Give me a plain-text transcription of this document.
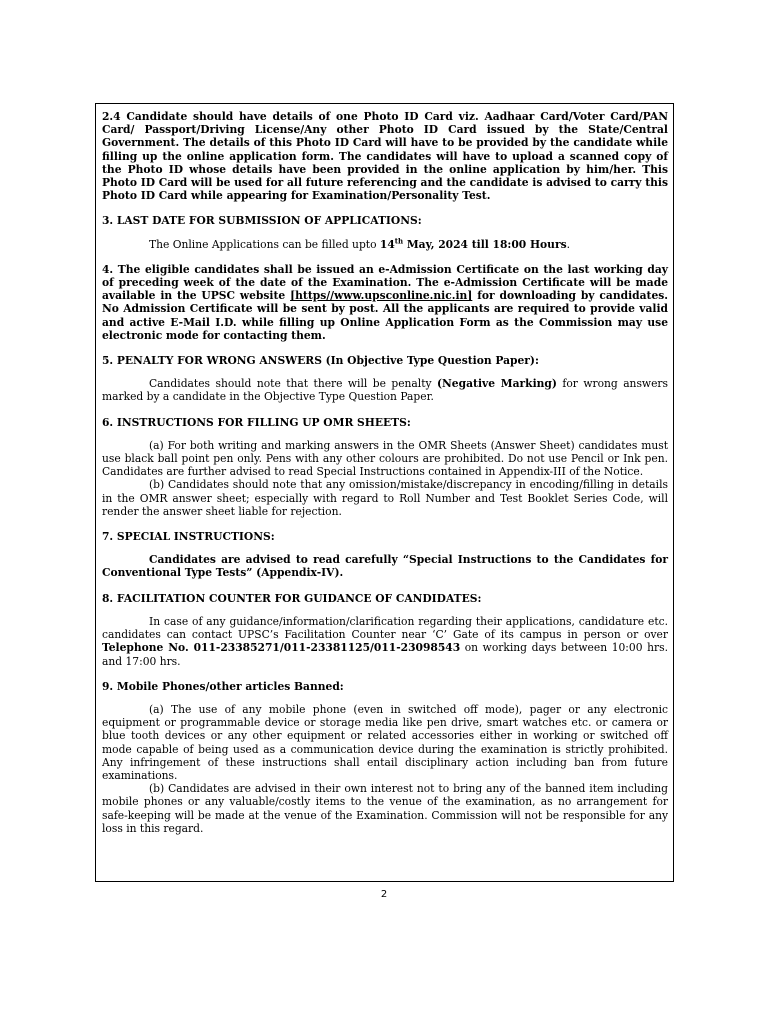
2.4 Candidate should have details of one Photo ID Card viz. Aadhaar Card/Voter Card/PAN Card/ Passport/Driving License/Any other Photo ID Card issued by the State/Central Government. The details of this Photo ID Card will have to be provided by the candidate while filling up the online application form. The candidates will have to upload a scanned copy of the Photo ID whose details have been provided in the online application by him/her. This Photo ID Card will be used for all future referencing and the candidate is advised to carry this Photo ID Card while appearing for Examination/Personality Test.

3. LAST DATE FOR SUBMISSION OF APPLICATIONS:

The Online Applications can be filled upto 14th May, 2024 till 18:00 Hours.

4. The eligible candidates shall be issued an e-Admission Certificate on the last working day of preceding week of the date of the Examination. The e-Admission Certificate will be made available in the UPSC website [https//www.upsconline.nic.in] for downloading by candidates. No Admission Certificate will be sent by post. All the applicants are required to provide valid and active E-Mail I.D. while filling up Online Application Form as the Commission may use electronic mode for contacting them.

5. PENALTY FOR WRONG ANSWERS (In Objective Type Question Paper):

Candidates should note that there will be penalty (Negative Marking) for wrong answers marked by a candidate in the Objective Type Question Paper.

6. INSTRUCTIONS FOR FILLING UP OMR SHEETS:

(a) For both writing and marking answers in the OMR Sheets (Answer Sheet) candidates must use black ball point pen only. Pens with any other colours are prohibited. Do not use Pencil or Ink pen. Candidates are further advised to read Special Instructions contained in Appendix-III of the Notice.

(b) Candidates should note that any omission/mistake/discrepancy in encoding/filling in details in the OMR answer sheet; especially with regard to Roll Number and Test Booklet Series Code, will render the answer sheet liable for rejection.

7. SPECIAL INSTRUCTIONS:

Candidates are advised to read carefully “Special Instructions to the Candidates for Conventional Type Tests” (Appendix-IV).

8. FACILITATION COUNTER FOR GUIDANCE OF CANDIDATES:

In case of any guidance/information/clarification regarding their applications, candidature etc. candidates can contact UPSC’s Facilitation Counter near ‘C’ Gate of its campus in person or over Telephone No. 011-23385271/011-23381125/011-23098543 on working days between 10:00 hrs. and 17:00 hrs.

9. Mobile Phones/other articles Banned:

(a) The use of any mobile phone (even in switched off mode), pager or any electronic equipment or programmable device or storage media like pen drive, smart watches etc. or camera or blue tooth devices or any other equipment or related accessories either in working or switched off mode capable of being used as a communication device during the examination is strictly prohibited. Any infringement of these instructions shall entail disciplinary action including ban from future examinations.

(b) Candidates are advised in their own interest not to bring any of the banned item including mobile phones or any valuable/costly items to the venue of the examination, as no arrangement for safe-keeping will be made at the venue of the Examination. Commission will not be responsible for any loss in this regard.

2
